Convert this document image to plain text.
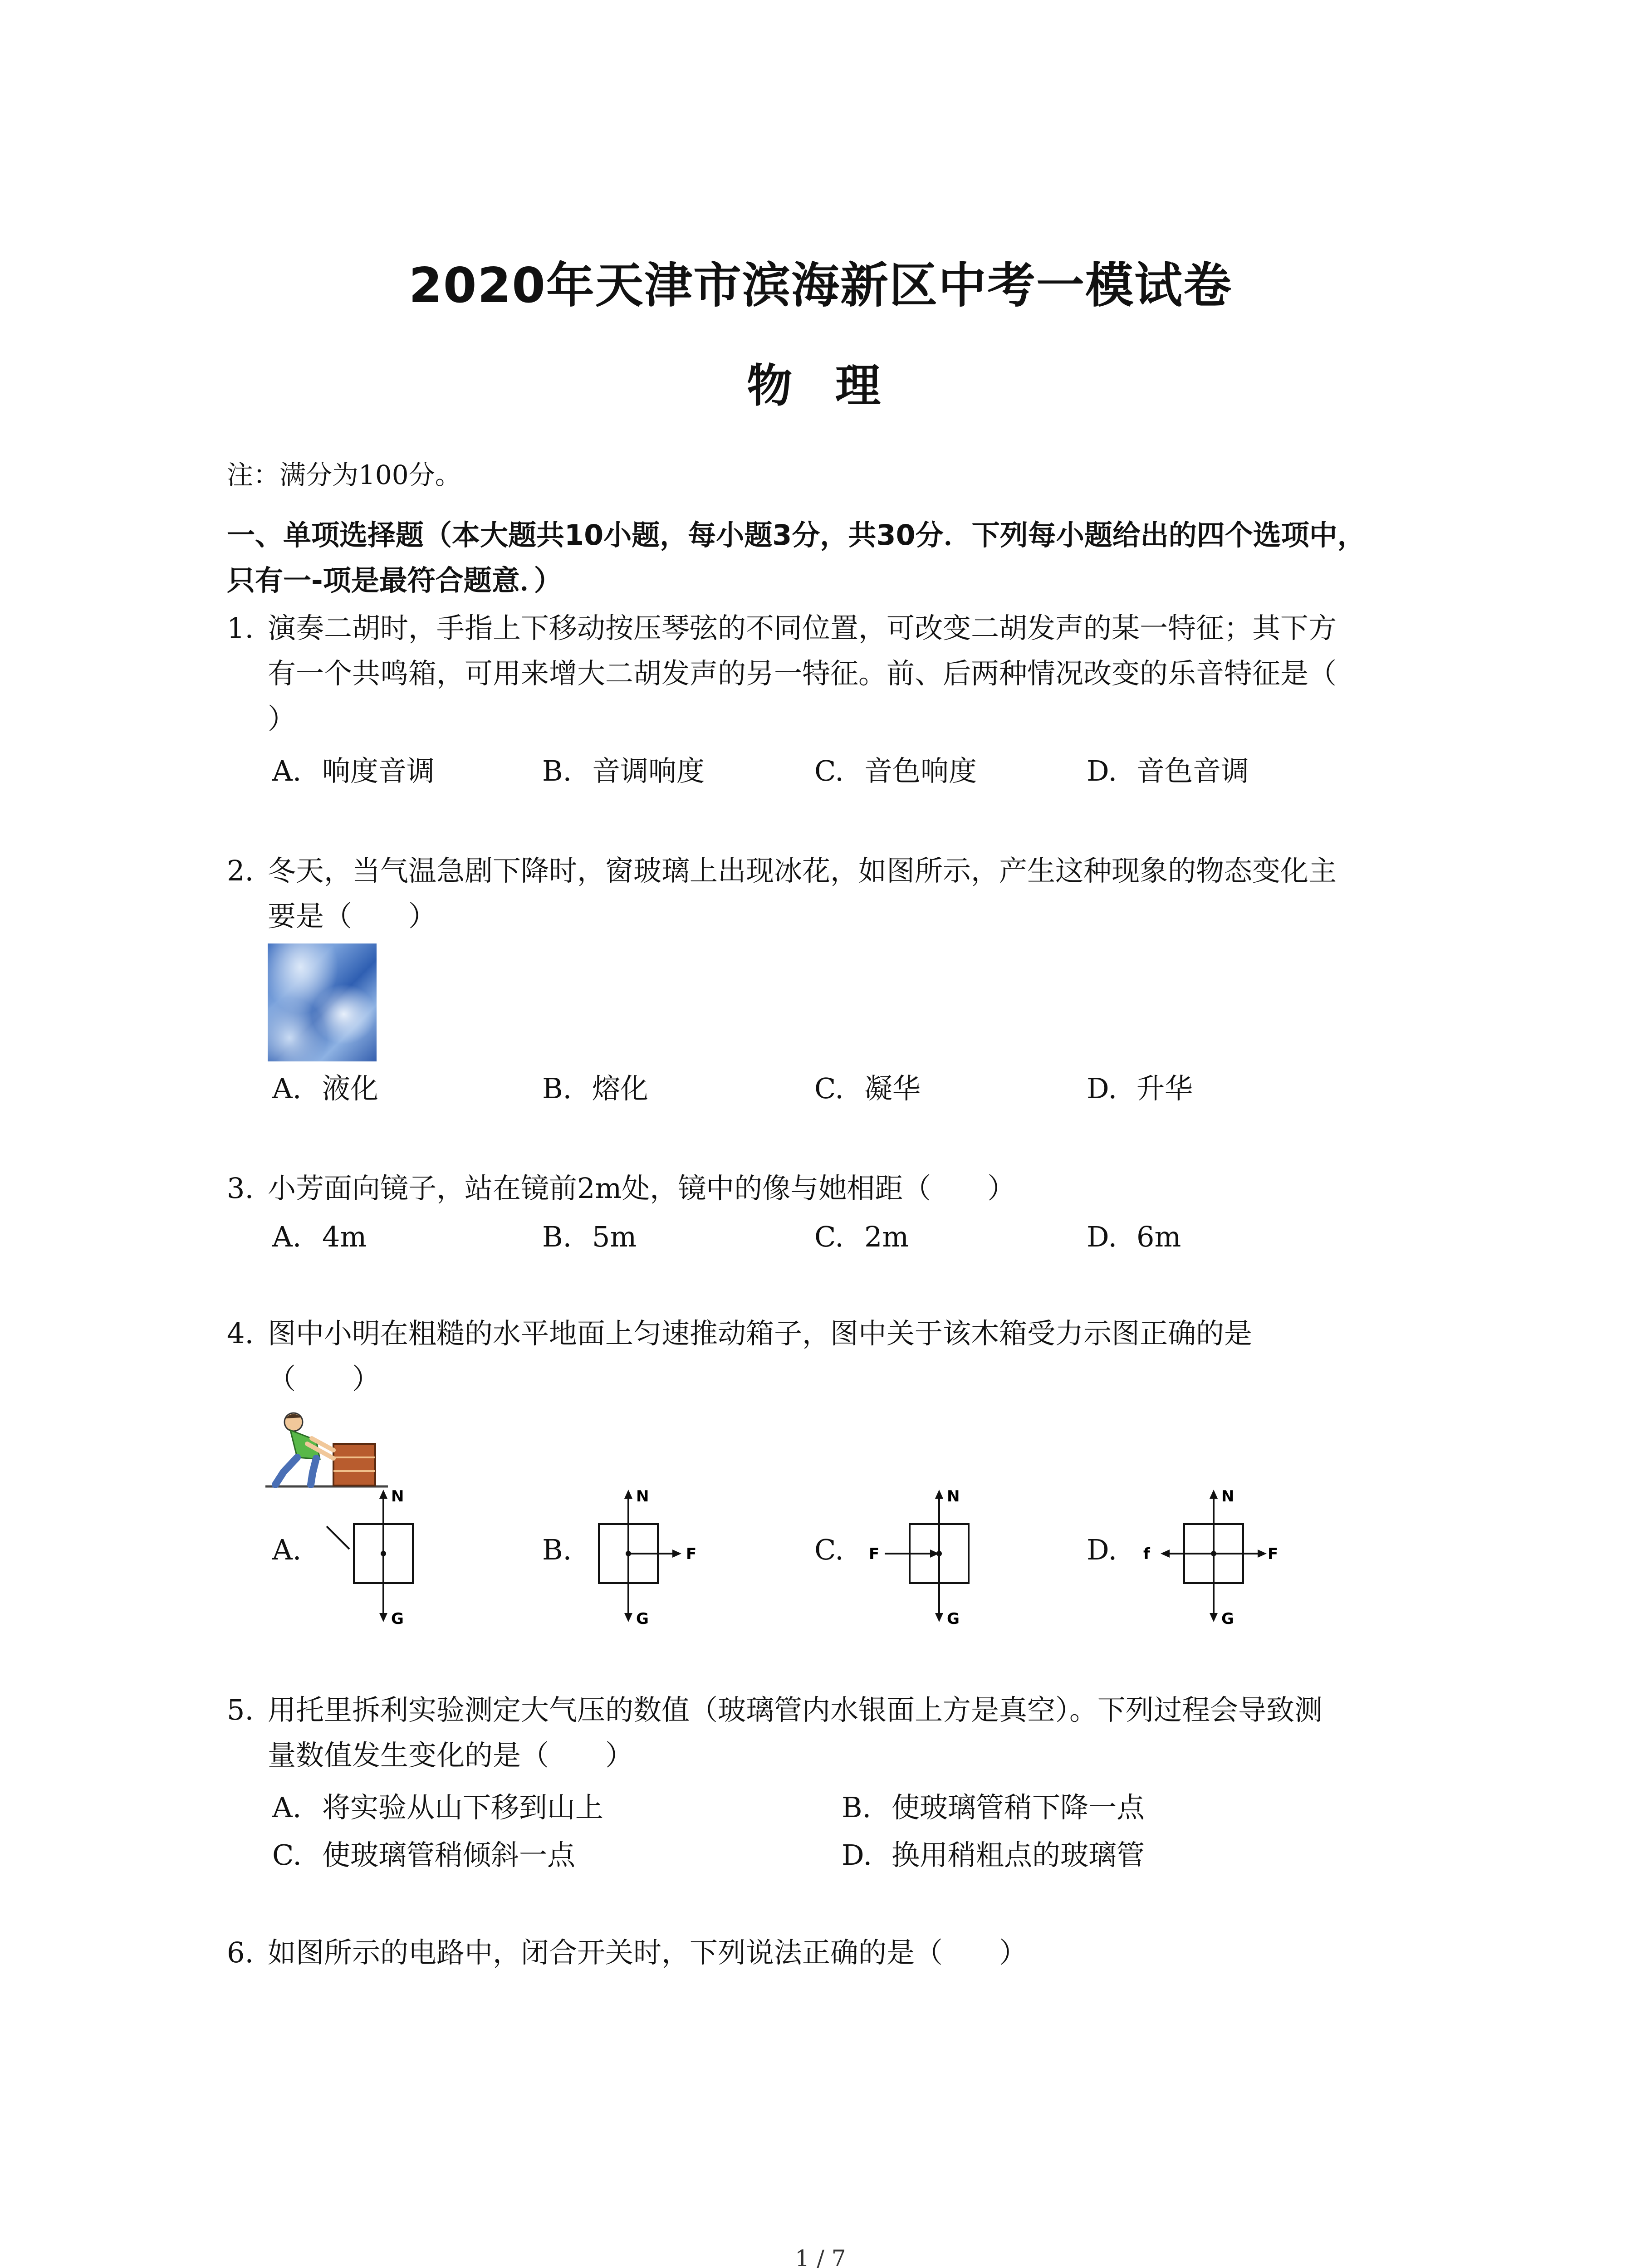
2020年天津市滨海新区中考一模试卷
物 理
注：满分为100分。
一、单项选择题（本大题共10小题，每小题3分，共30分．下列每小题给出的四个选项中，
只有一-项是最符合题意．）
1. 演奏二胡时，手指上下移动按压琴弦的不同位置，可改变二胡发声的某一特征；其下方
有一个共鸣箱，可用来增大二胡发声的另一特征。前、后两种情况改变的乐音特征是（
）
A. 响度音调	B. 音调响度	C. 音色响度	D. 音色音调
2. 冬天，当气温急剧下降时，窗玻璃上出现冰花，如图所示，产生这种现象的物态变化主
要是（　　）
A. 液化	B. 熔化	C. 凝华	D. 升华
3. 小芳面向镜子，站在镜前2m处，镜中的像与她相距（　　）
A. 4m	B. 5m	C. 2m	D. 6m
4. 图中小明在粗糙的水平地面上匀速推动箱子，图中关于该木箱受力示图正确的是
（　　）
A.
N
G
B.
N
G
F	C.	F
N
G
D.	f
N
G
F
5. 用托里拆利实验测定大气压的数值（玻璃管内水银面上方是真空）。下列过程会导致测
量数值发生变化的是（　　）
A. 将实验从山下移到山上	B. 使玻璃管稍下降一点
C. 使玻璃管稍倾斜一点	D. 换用稍粗点的玻璃管
6. 如图所示的电路中，闭合开关时，下列说法正确的是（　　）
1 / 7
